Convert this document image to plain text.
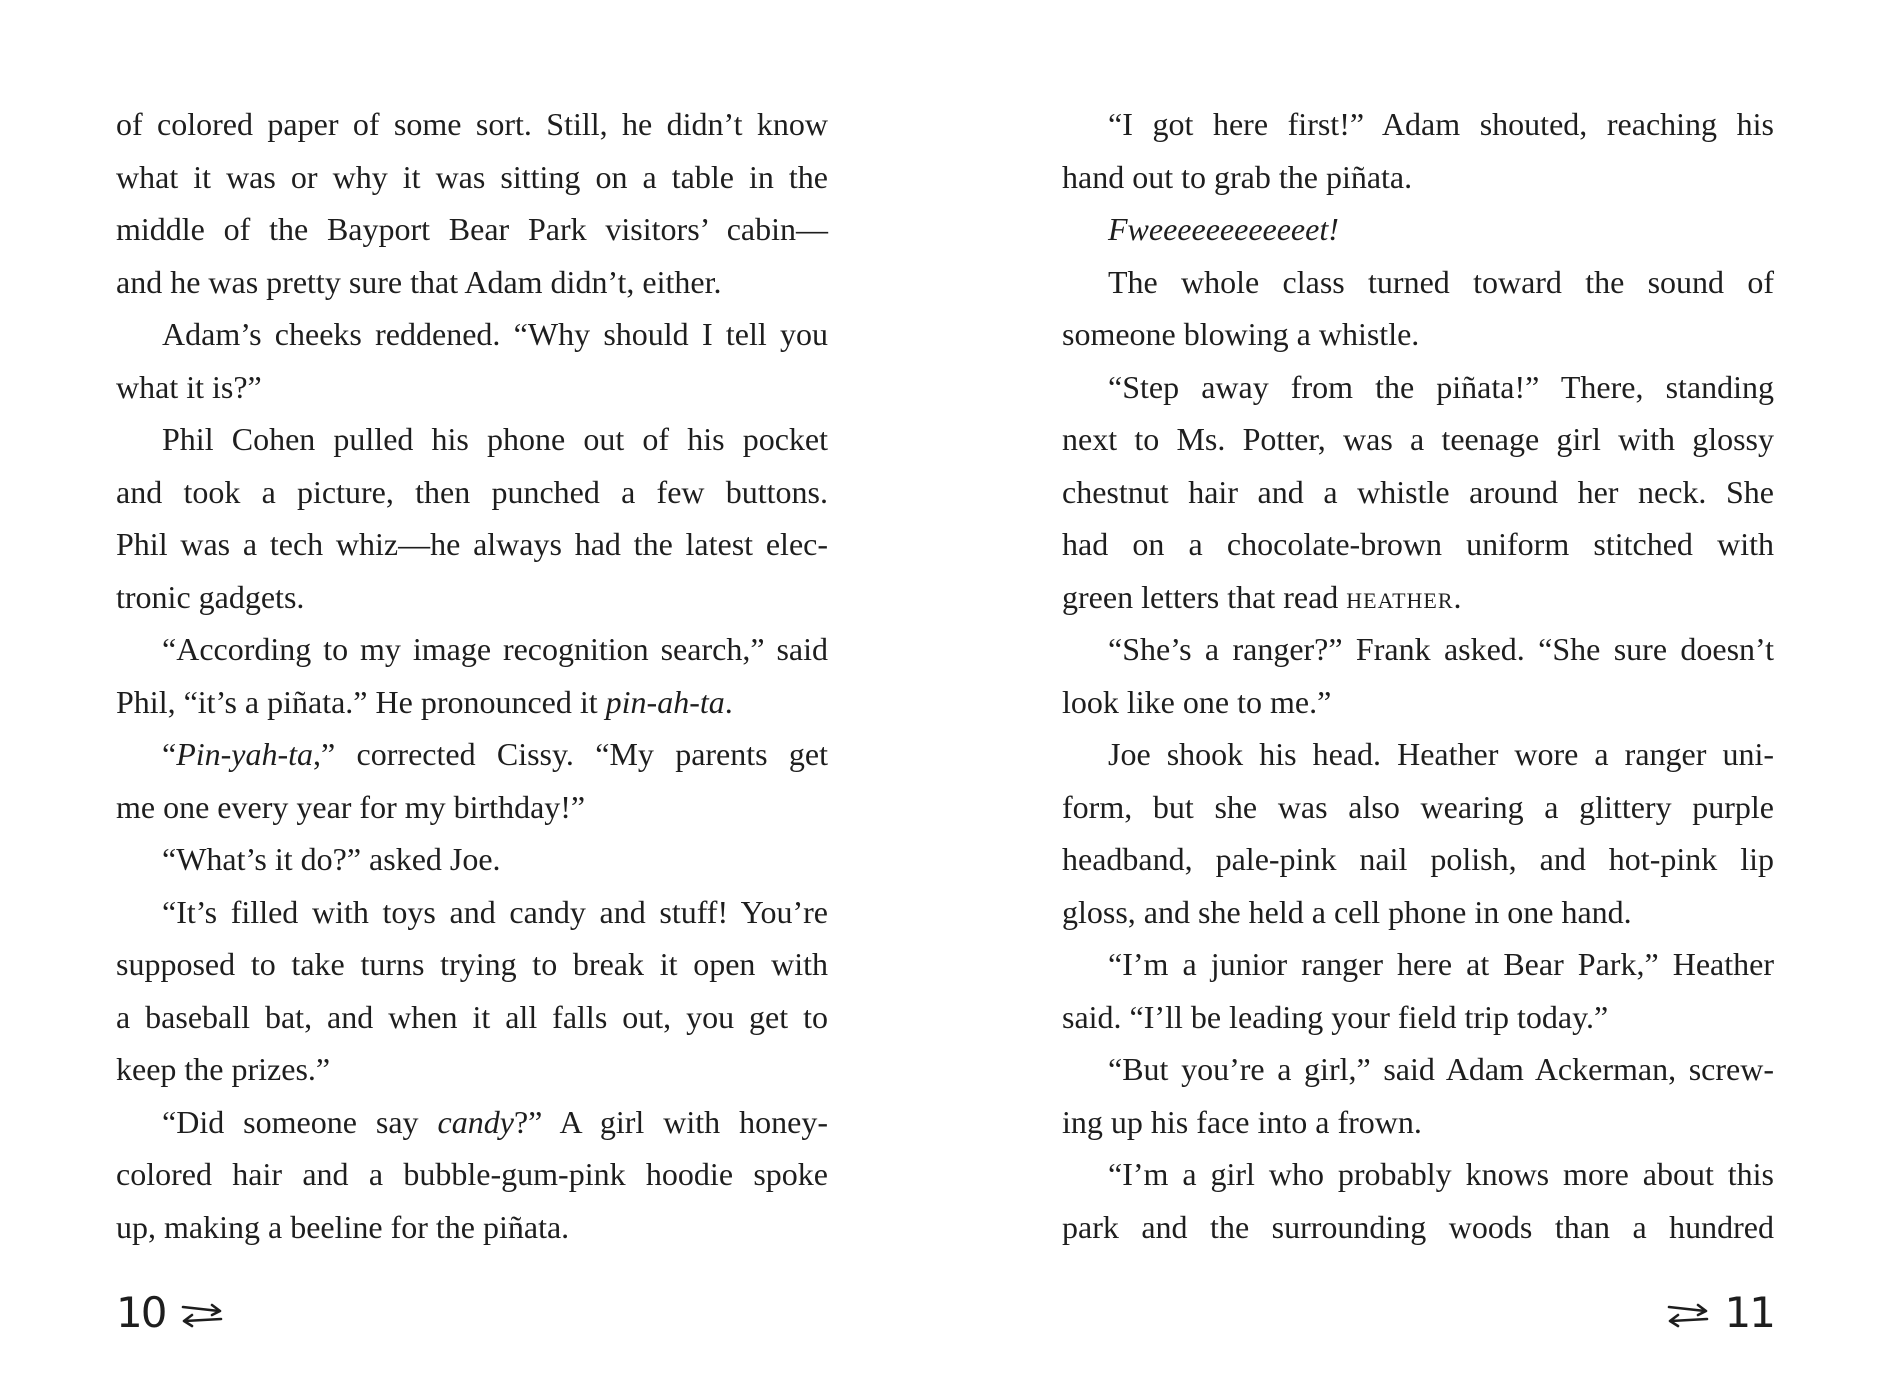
of colored paper of some sort. Still, he didn’t know
what it was or why it was sitting on a table in the
middle of the Bayport Bear Park visitors’ cabin—
and he was pretty sure that Adam didn’t, either.
Adam’s cheeks reddened. “Why should I tell you
what it is?”
Phil Cohen pulled his phone out of his pocket
and took a picture, then punched a few buttons.
Phil was a tech whiz—he always had the latest elec-
tronic gadgets.
“According to my image recognition search,” said
Phil, “it’s a piñata.” He pronounced it pin-ah-ta.
“Pin-yah-ta,” corrected Cissy. “My parents get
me one every year for my birthday!”
“What’s it do?” asked Joe.
“It’s filled with toys and candy and stuff! You’re
supposed to take turns trying to break it open with
a baseball bat, and when it all falls out, you get to
keep the prizes.”
“Did someone say candy?” A girl with honey-
colored hair and a bubble-gum-pink hoodie spoke
up, making a beeline for the piñata.
10
“I got here first!” Adam shouted, reaching his
hand out to grab the piñata.
Fweeeeeeeeeeeet!
The whole class turned toward the sound of
someone blowing a whistle.
“Step away from the piñata!” There, standing
next to Ms. Potter, was a teenage girl with glossy
chestnut hair and a whistle around her neck. She
had on a chocolate-brown uniform stitched with
green letters that read heather.
“She’s a ranger?” Frank asked. “She sure doesn’t
look like one to me.”
Joe shook his head. Heather wore a ranger uni-
form, but she was also wearing a glittery purple
headband, pale-pink nail polish, and hot-pink lip
gloss, and she held a cell phone in one hand.
“I’m a junior ranger here at Bear Park,” Heather
said. “I’ll be leading your field trip today.”
“But you’re a girl,” said Adam Ackerman, screw-
ing up his face into a frown.
“I’m a girl who probably knows more about this
park and the surrounding woods than a hundred
11
